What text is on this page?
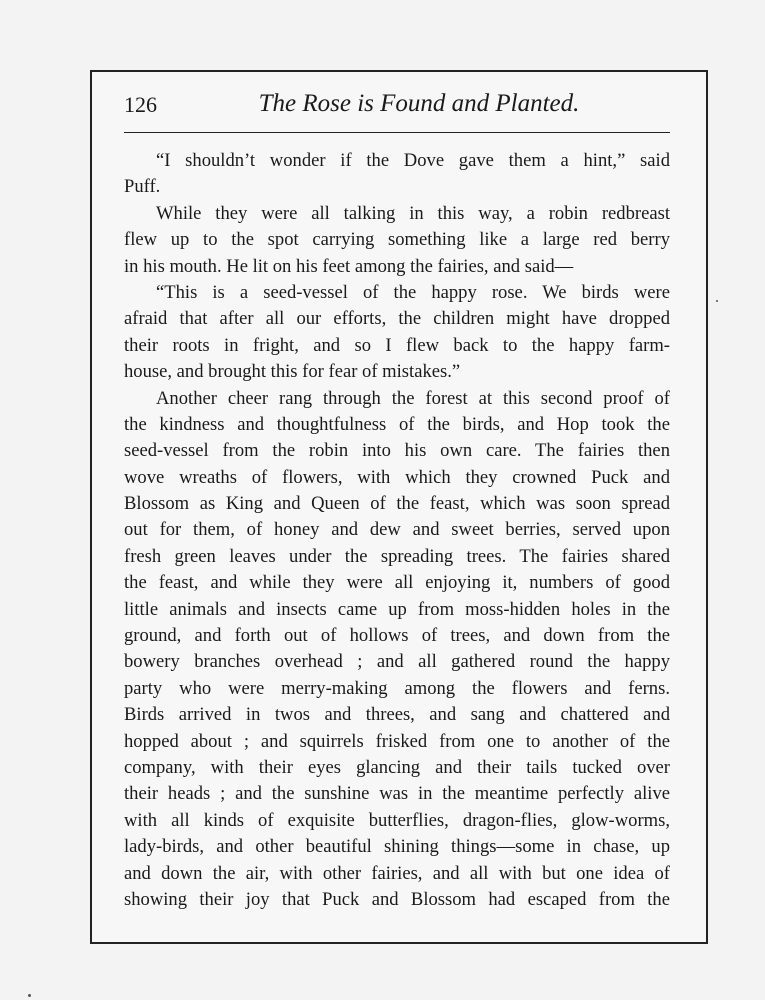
126	The Rose is Found and Planted.
“I shouldn’t wonder if the Dove gave them a hint,” said
Puff.
While they were all talking in this way, a robin redbreast
flew up to the spot carrying something like a large red berry
in his mouth. He lit on his feet among the fairies, and said—
“This is a seed-vessel of the happy rose. We birds were
afraid that after all our efforts, the children might have dropped
their roots in fright, and so I flew back to the happy farm-
house, and brought this for fear of mistakes.”
Another cheer rang through the forest at this second proof of
the kindness and thoughtfulness of the birds, and Hop took the
seed-vessel from the robin into his own care. The fairies then
wove wreaths of flowers, with which they crowned Puck and
Blossom as King and Queen of the feast, which was soon spread
out for them, of honey and dew and sweet berries, served upon
fresh green leaves under the spreading trees. The fairies shared
the feast, and while they were all enjoying it, numbers of good
little animals and insects came up from moss-hidden holes in the
ground, and forth out of hollows of trees, and down from the
bowery branches overhead ; and all gathered round the happy
party who were merry-making among the flowers and ferns.
Birds arrived in twos and threes, and sang and chattered and
hopped about ; and squirrels frisked from one to another of the
company, with their eyes glancing and their tails tucked over
their heads ; and the sunshine was in the meantime perfectly alive
with all kinds of exquisite butterflies, dragon-flies, glow-worms,
lady-birds, and other beautiful shining things—some in chase, up
and down the air, with other fairies, and all with but one idea of
showing their joy that Puck and Blossom had escaped from the
